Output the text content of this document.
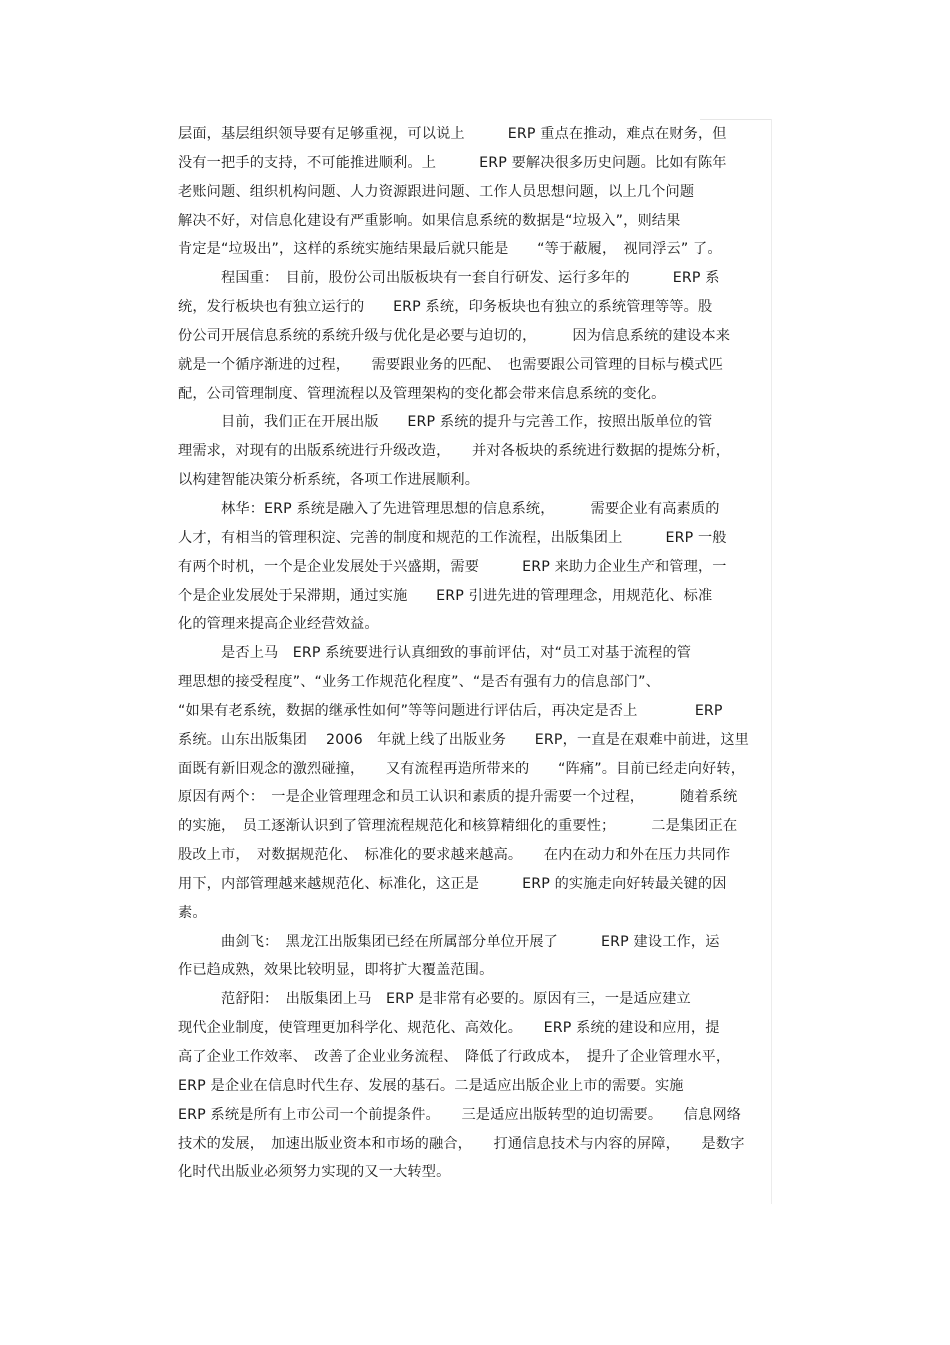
层面，基层组织领导要有足够重视，可以说上　　　ERP 重点在推动，难点在财务，但
没有一把手的支持，不可能推进顺利。上　　　ERP 要解决很多历史问题。比如有陈年
老账问题、组织机构问题、人力资源跟进问题、工作人员思想问题，以上几个问题
解决不好，对信息化建设有严重影响。如果信息系统的数据是“垃圾入”，则结果
肯定是“垃圾出”，这样的系统实施结果最后就只能是　　“等于蔽履，　视同浮云” 了。
　　　程国重：　目前，股份公司出版板块有一套自行研发、运行多年的　　　ERP 系
统，发行板块也有独立运行的　　ERP 系统，印务板块也有独立的系统管理等等。股
份公司开展信息系统的系统升级与优化是必要与迫切的，　　　因为信息系统的建设本来
就是一个循序渐进的过程，　　需要跟业务的匹配、　也需要跟公司管理的目标与模式匹
配，公司管理制度、管理流程以及管理架构的变化都会带来信息系统的变化。
　　　目前，我们正在开展出版　　ERP 系统的提升与完善工作，按照出版单位的管
理需求，对现有的出版系统进行升级改造，　　并对各板块的系统进行数据的提炼分析，
以构建智能决策分析系统，各项工作进展顺利。
　　　林华：ERP 系统是融入了先进管理思想的信息系统，　　　需要企业有高素质的
人才，有相当的管理积淀、完善的制度和规范的工作流程，出版集团上　　　ERP 一般
有两个时机，一个是企业发展处于兴盛期，需要　　　ERP 来助力企业生产和管理，一
个是企业发展处于呆滞期，通过实施　　ERP 引进先进的管理理念，用规范化、标准
化的管理来提高企业经营效益。
　　　是否上马　ERP 系统要进行认真细致的事前评估，对“员工对基于流程的管
理思想的接受程度”、“业务工作规范化程度”、“是否有强有力的信息部门”、
“如果有老系统，数据的继承性如何”等等问题进行评估后，再决定是否上　　　　ERP
系统。山东出版集团　 2006　年就上线了出版业务　　ERP，一直是在艰难中前进，这里
面既有新旧观念的激烈碰撞，　　又有流程再造所带来的　　“阵痛”。目前已经走向好转，
原因有两个：　一是企业管理理念和员工认识和素质的提升需要一个过程，　　　随着系统
的实施，　员工逐渐认识到了管理流程规范化和核算精细化的重要性；　　　二是集团正在
股改上市，　对数据规范化、　标准化的要求越来越高。　　在内在动力和外在压力共同作
用下，内部管理越来越规范化、标准化，这正是　　　ERP 的实施走向好转最关键的因
素。
　　　曲剑飞：　黑龙江出版集团已经在所属部分单位开展了　　　ERP 建设工作，运
作已趋成熟，效果比较明显，即将扩大覆盖范围。
　　　范舒阳：　出版集团上马　ERP 是非常有必要的。原因有三，一是适应建立
现代企业制度，使管理更加科学化、规范化、高效化。　　ERP 系统的建设和应用，提
高了企业工作效率、　改善了企业业务流程、　降低了行政成本，　提升了企业管理水平，
ERP 是企业在信息时代生存、发展的基石。二是适应出版企业上市的需要。实施
ERP 系统是所有上市公司一个前提条件。　　三是适应出版转型的迫切需要。　　信息网络
技术的发展，　加速出版业资本和市场的融合，　　打通信息技术与内容的屏障，　　是数字
化时代出版业必须努力实现的又一大转型。
